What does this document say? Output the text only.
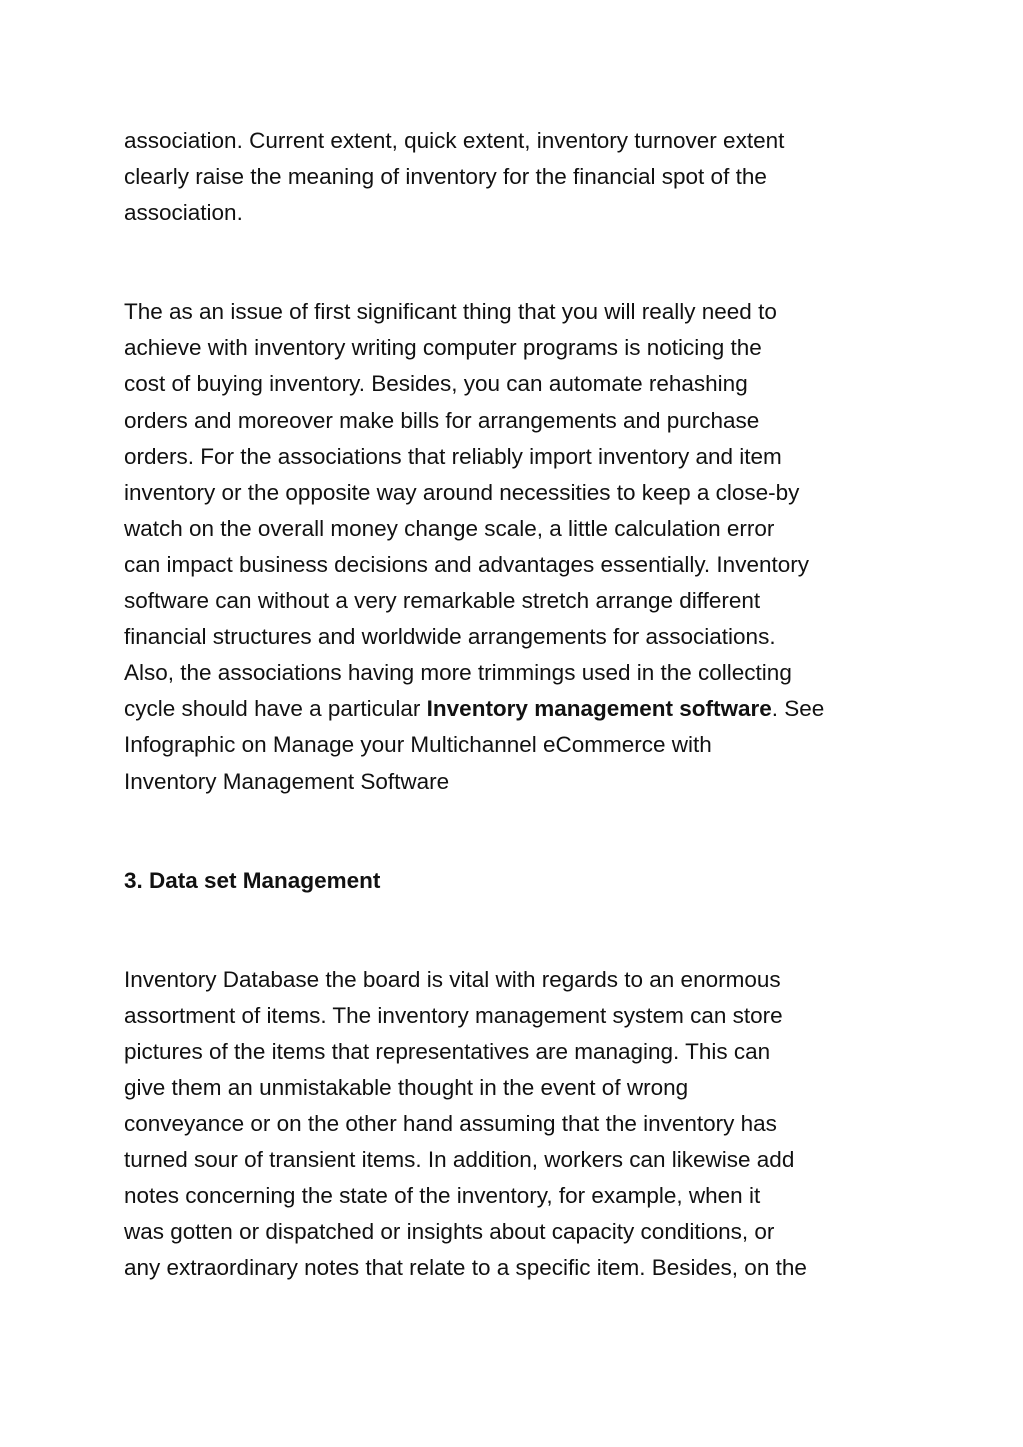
association. Current extent, quick extent, inventory turnover extent
clearly raise the meaning of inventory for the financial spot of the
association.
The as an issue of first significant thing that you will really need to
achieve with inventory writing computer programs is noticing the
cost of buying inventory. Besides, you can automate rehashing
orders and moreover make bills for arrangements and purchase
orders. For the associations that reliably import inventory and item
inventory or the opposite way around necessities to keep a close-by
watch on the overall money change scale, a little calculation error
can impact business decisions and advantages essentially. Inventory
software can without a very remarkable stretch arrange different
financial structures and worldwide arrangements for associations.
Also, the associations having more trimmings used in the collecting
cycle should have a particular Inventory management software. See
Infographic on Manage your Multichannel eCommerce with
Inventory Management Software
3. Data set Management
Inventory Database the board is vital with regards to an enormous
assortment of items. The inventory management system can store
pictures of the items that representatives are managing. This can
give them an unmistakable thought in the event of wrong
conveyance or on the other hand assuming that the inventory has
turned sour of transient items. In addition, workers can likewise add
notes concerning the state of the inventory, for example, when it
was gotten or dispatched or insights about capacity conditions, or
any extraordinary notes that relate to a specific item. Besides, on the
